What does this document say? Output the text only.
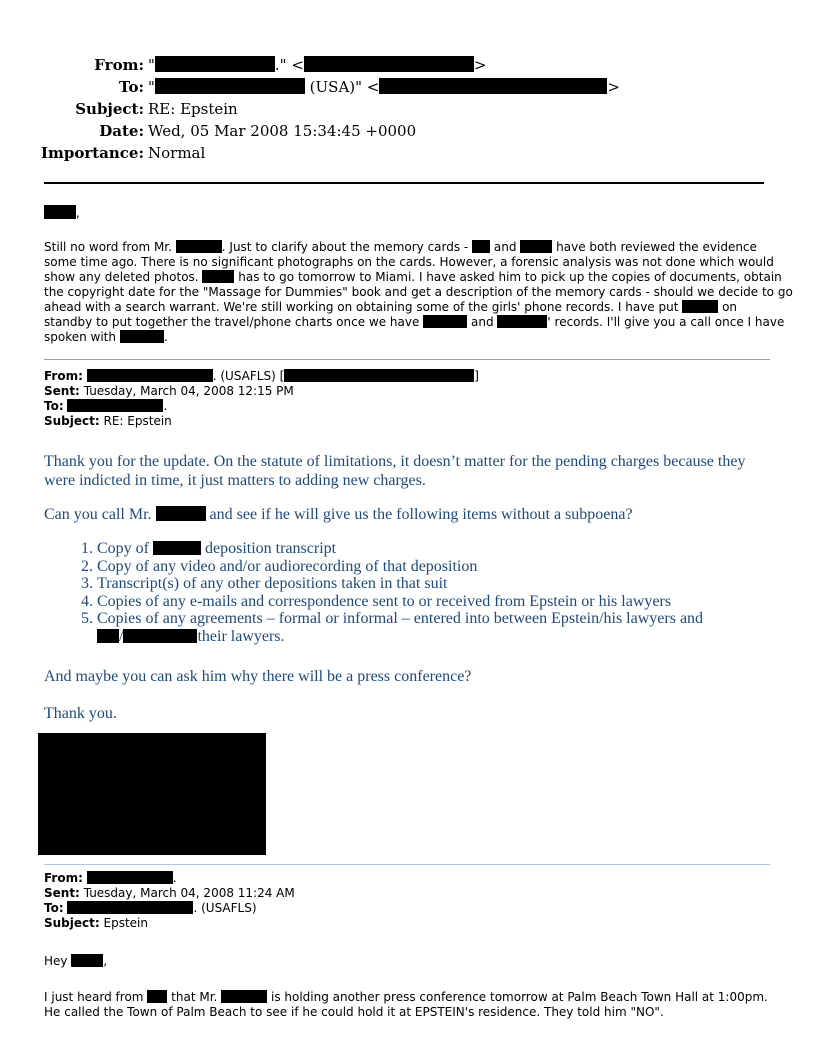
From: "	." <	>
To: "	(USA)" <	>
Subject: RE: Epstein
Date: Wed, 05 Mar 2008 15:34:45 +0000
Importance: Normal
,
Still no word from Mr.	. Just to clarify about the memory cards - and	have both reviewed the evidence
some time ago. There is no significant photographs on the cards. However, a forensic analysis was not done which would
show any deleted photos.	has to go tomorrow to Miami. I have asked him to pick up the copies of documents, obtain
the copyright date for the "Massage for Dummies" book and get a description of the memory cards - should we decide to go
ahead with a search warrant. We're still working on obtaining some of the girls' phone records. I have put	on
standby to put together the travel/phone charts once we have	and	' records. I'll give you a call once I have
spoken with	.
From:	. (USAFLS) [	]
Sent: Tuesday, March 04, 2008 12:15 PM
To:	.
Subject: RE: Epstein
Thank you for the update. On the statute of limitations, it doesn’t matter for the pending charges because they
were indicted in time, it just matters to adding new charges.
Can you call Mr.	and see if he will give us the following items without a subpoena?
1. Copy of	deposition transcript
2. Copy of any video and/or audiorecording of that deposition
3. Transcript(s) of any other depositions taken in that suit
4. Copies of any e-mails and correspondence sent to or received from Epstein or his lawyers
5. Copies of any agreements – formal or informal – entered into between Epstein/his lawyers and
/	their lawyers.
And maybe you can ask him why there will be a press conference?
Thank you.
From:	.
Sent: Tuesday, March 04, 2008 11:24 AM
To:	. (USAFLS)
Subject: Epstein
Hey	,
I just heard from that Mr.	is holding another press conference tomorrow at Palm Beach Town Hall at 1:00pm.
He called the Town of Palm Beach to see if he could hold it at EPSTEIN's residence. They told him "NO".
